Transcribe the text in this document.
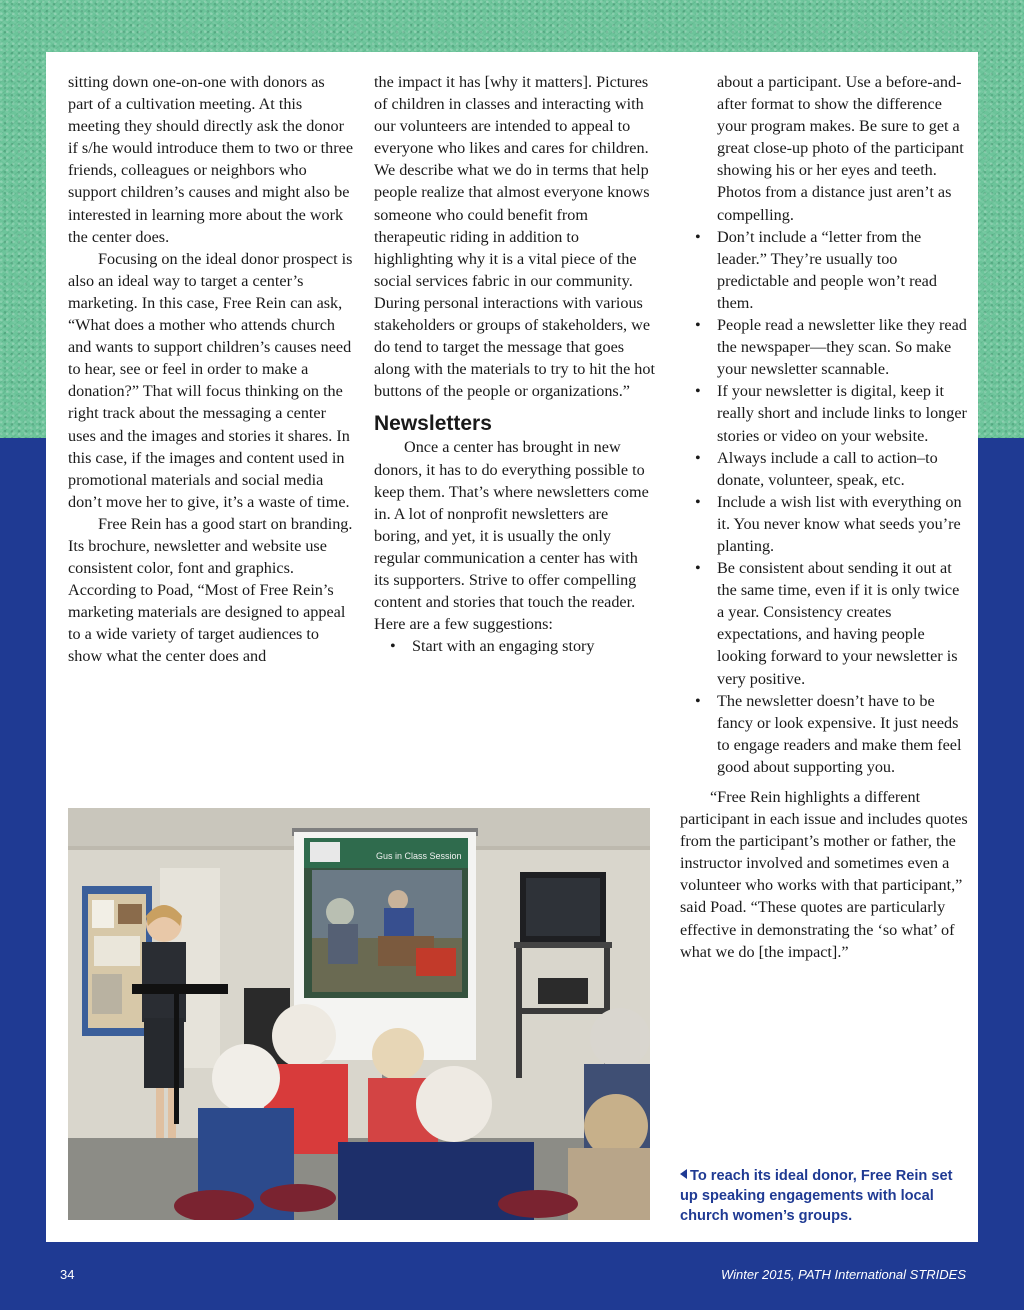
sitting down one-on-one with donors as part of a cultivation meeting. At this meeting they should directly ask the donor if s/he would introduce them to two or three friends, colleagues or neighbors who support children’s causes and might also be interested in learning more about the work the center does.

Focusing on the ideal donor prospect is also an ideal way to target a center’s marketing. In this case, Free Rein can ask, “What does a mother who attends church and wants to support children’s causes need to hear, see or feel in order to make a donation?” That will focus thinking on the right track about the messaging a center uses and the images and stories it shares. In this case, if the images and content used in promotional materials and social media don’t move her to give, it’s a waste of time.

Free Rein has a good start on branding. Its brochure, newsletter and website use consistent color, font and graphics. According to Poad, “Most of Free Rein’s marketing materials are designed to appeal to a wide variety of target audiences to show what the center does and

the impact it has [why it matters]. Pictures of children in classes and interacting with our volunteers are intended to appeal to everyone who likes and cares for children. We describe what we do in terms that help people realize that almost everyone knows someone who could benefit from therapeutic riding in addition to highlighting why it is a vital piece of the social services fabric in our community. During personal interactions with various stakeholders or groups of stakeholders, we do tend to target the message that goes along with the materials to try to hit the hot buttons of the people or organizations.”

Newsletters

Once a center has brought in new donors, it has to do everything possible to keep them. That’s where newsletters come in. A lot of nonprofit newsletters are boring, and yet, it is usually the only regular communication a center has with its supporters. Strive to offer compelling content and stories that touch the reader. Here are a few suggestions:

• Start with an engaging story

about a participant. Use a before-and-after format to show the difference your program makes. Be sure to get a great close-up photo of the participant showing his or her eyes and teeth. Photos from a distance just aren’t as compelling.

• Don’t include a “letter from the leader.” They’re usually too predictable and people won’t read them.
• People read a newsletter like they read the newspaper—they scan. So make your newsletter scannable.
• If your newsletter is digital, keep it really short and include links to longer stories or video on your website.
• Always include a call to action–to donate, volunteer, speak, etc.
• Include a wish list with everything on it. You never know what seeds you’re planting.
• Be consistent about sending it out at the same time, even if it is only twice a year. Consistency creates expectations, and having people looking forward to your newsletter is very positive.
• The newsletter doesn’t have to be fancy or look expensive. It just needs to engage readers and make them feel good about supporting you.

“Free Rein highlights a different participant in each issue and includes quotes from the participant’s mother or father, the instructor involved and sometimes even a volunteer who works with that participant,” said Poad. “These quotes are particularly effective in demonstrating the ‘so what’ of what we do [the impact].”

Gus in Class Session
To reach its ideal donor, Free Rein set up speaking engagements with local church women’s groups.
34	Winter 2015, PATH International STRIDES
